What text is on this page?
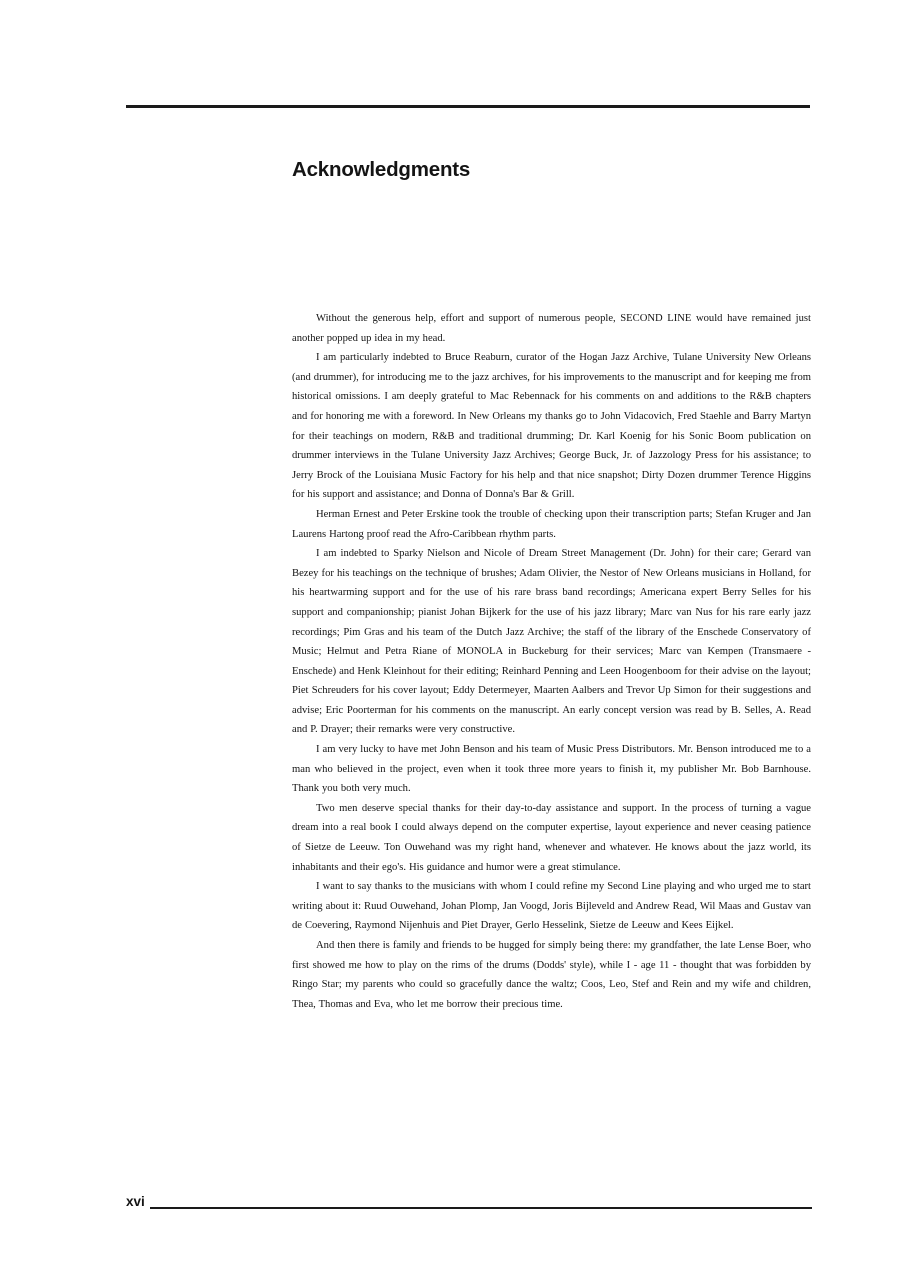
Acknowledgments

Without the generous help, effort and support of numerous people, SECOND LINE would have remained just another popped up idea in my head.

I am particularly indebted to Bruce Reaburn, curator of the Hogan Jazz Archive, Tulane University New Orleans (and drummer), for introducing me to the jazz archives, for his improvements to the manuscript and for keeping me from historical omissions. I am deeply grateful to Mac Rebennack for his comments on and additions to the R&B chapters and for honoring me with a foreword. In New Orleans my thanks go to John Vidacovich, Fred Staehle and Barry Martyn for their teachings on modern, R&B and traditional drumming; Dr. Karl Koenig for his Sonic Boom publication on drummer interviews in the Tulane University Jazz Archives; George Buck, Jr. of Jazzology Press for his assistance; to Jerry Brock of the Louisiana Music Factory for his help and that nice snapshot; Dirty Dozen drummer Terence Higgins for his support and assistance; and Donna of Donna's Bar & Grill.

Herman Ernest and Peter Erskine took the trouble of checking upon their transcription parts; Stefan Kruger and Jan Laurens Hartong proof read the Afro-Caribbean rhythm parts.

I am indebted to Sparky Nielson and Nicole of Dream Street Management (Dr. John) for their care; Gerard van Bezey for his teachings on the technique of brushes; Adam Olivier, the Nestor of New Orleans musicians in Holland, for his heartwarming support and for the use of his rare brass band recordings; Americana expert Berry Selles for his support and companionship; pianist Johan Bijkerk for the use of his jazz library; Marc van Nus for his rare early jazz recordings; Pim Gras and his team of the Dutch Jazz Archive; the staff of the library of the Enschede Conservatory of Music; Helmut and Petra Riane of MONOLA in Buckeburg for their services; Marc van Kempen (Transmaere - Enschede) and Henk Kleinhout for their editing; Reinhard Penning and Leen Hoogenboom for their advise on the layout; Piet Schreuders for his cover layout; Eddy Determeyer, Maarten Aalbers and Trevor Up Simon for their suggestions and advise; Eric Poorterman for his comments on the manuscript. An early concept version was read by B. Selles, A. Read and P. Drayer; their remarks were very constructive.

I am very lucky to have met John Benson and his team of Music Press Distributors. Mr. Benson introduced me to a man who believed in the project, even when it took three more years to finish it, my publisher Mr. Bob Barnhouse. Thank you both very much.

Two men deserve special thanks for their day-to-day assistance and support. In the process of turning a vague dream into a real book I could always depend on the computer expertise, layout experience and never ceasing patience of Sietze de Leeuw. Ton Ouwehand was my right hand, whenever and whatever. He knows about the jazz world, its inhabitants and their ego's. His guidance and humor were a great stimulance.

I want to say thanks to the musicians with whom I could refine my Second Line playing and who urged me to start writing about it: Ruud Ouwehand, Johan Plomp, Jan Voogd, Joris Bijleveld and Andrew Read, Wil Maas and Gustav van de Coevering, Raymond Nijenhuis and Piet Drayer, Gerlo Hesselink, Sietze de Leeuw and Kees Eijkel.

And then there is family and friends to be hugged for simply being there: my grandfather, the late Lense Boer, who first showed me how to play on the rims of the drums (Dodds' style), while I - age 11 - thought that was forbidden by Ringo Star; my parents who could so gracefully dance the waltz; Coos, Leo, Stef and Rein and my wife and children, Thea, Thomas and Eva, who let me borrow their precious time.

xvi
